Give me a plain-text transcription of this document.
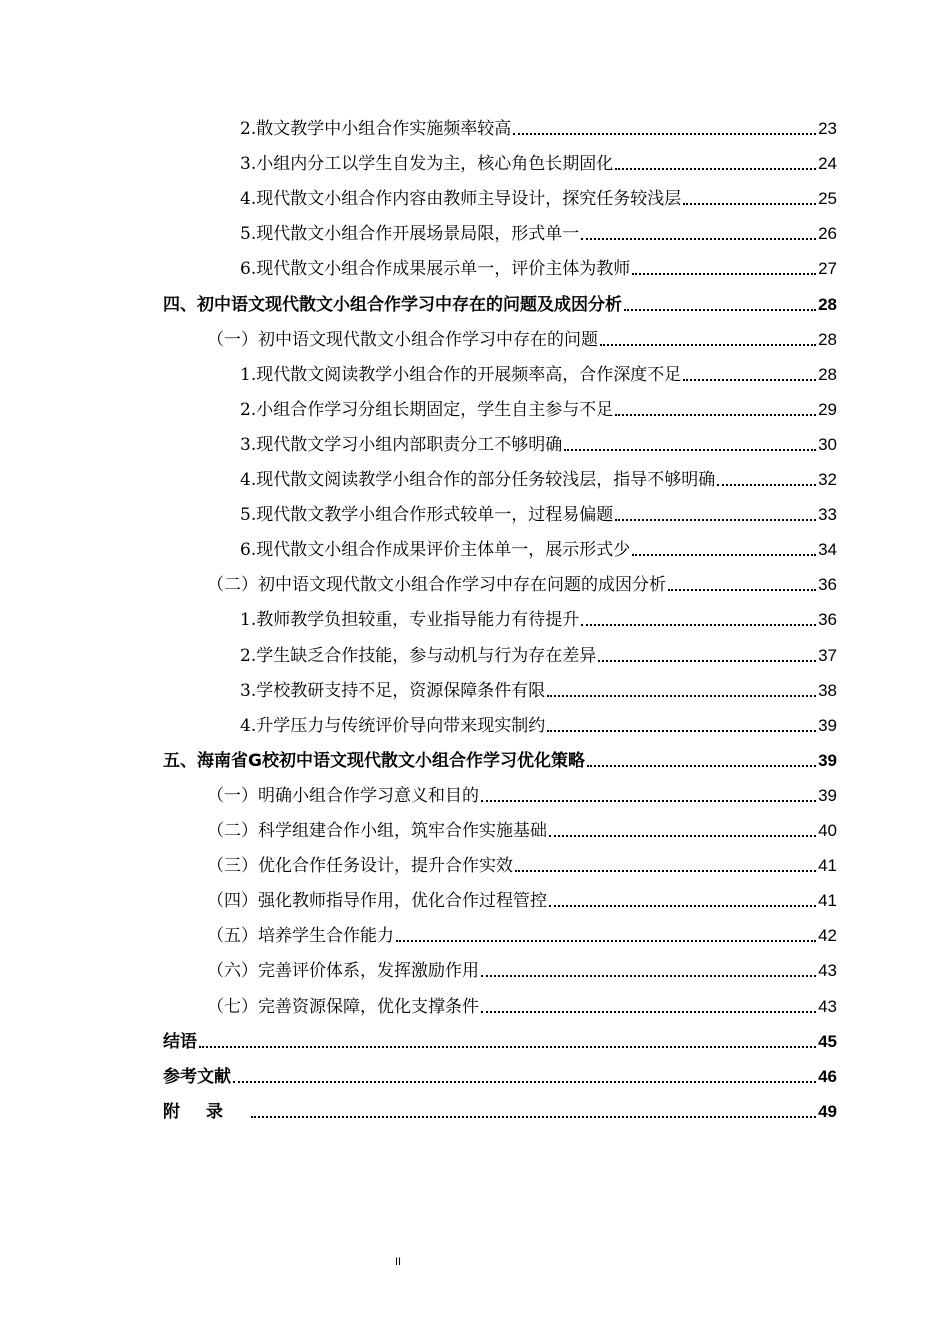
2.散文教学中小组合作实施频率较高	23
3.小组内分工以学生自发为主，核心角色长期固化	24
4.现代散文小组合作内容由教师主导设计，探究任务较浅层	25
5.现代散文小组合作开展场景局限，形式单一	26
6.现代散文小组合作成果展示单一，评价主体为教师	27
四、初中语文现代散文小组合作学习中存在的问题及成因分析	28
（一）初中语文现代散文小组合作学习中存在的问题	28
1.现代散文阅读教学小组合作的开展频率高，合作深度不足	28
2.小组合作学习分组长期固定，学生自主参与不足	29
3.现代散文学习小组内部职责分工不够明确	30
4.现代散文阅读教学小组合作的部分任务较浅层，指导不够明确	32
5.现代散文教学小组合作形式较单一，过程易偏题	33
6.现代散文小组合作成果评价主体单一，展示形式少	34
（二）初中语文现代散文小组合作学习中存在问题的成因分析	36
1.教师教学负担较重，专业指导能力有待提升	36
2.学生缺乏合作技能，参与动机与行为存在差异	37
3.学校教研支持不足，资源保障条件有限	38
4.升学压力与传统评价导向带来现实制约	39
五、海南省G校初中语文现代散文小组合作学习优化策略	39
（一）明确小组合作学习意义和目的	39
（二）科学组建合作小组，筑牢合作实施基础	40
（三）优化合作任务设计，提升合作实效	41
（四）强化教师指导作用，优化合作过程管控	41
（五）培养学生合作能力	42
（六）完善评价体系，发挥激励作用	43
（七）完善资源保障，优化支撑条件	43
结语	45
参考文献	46
附录	49
II
